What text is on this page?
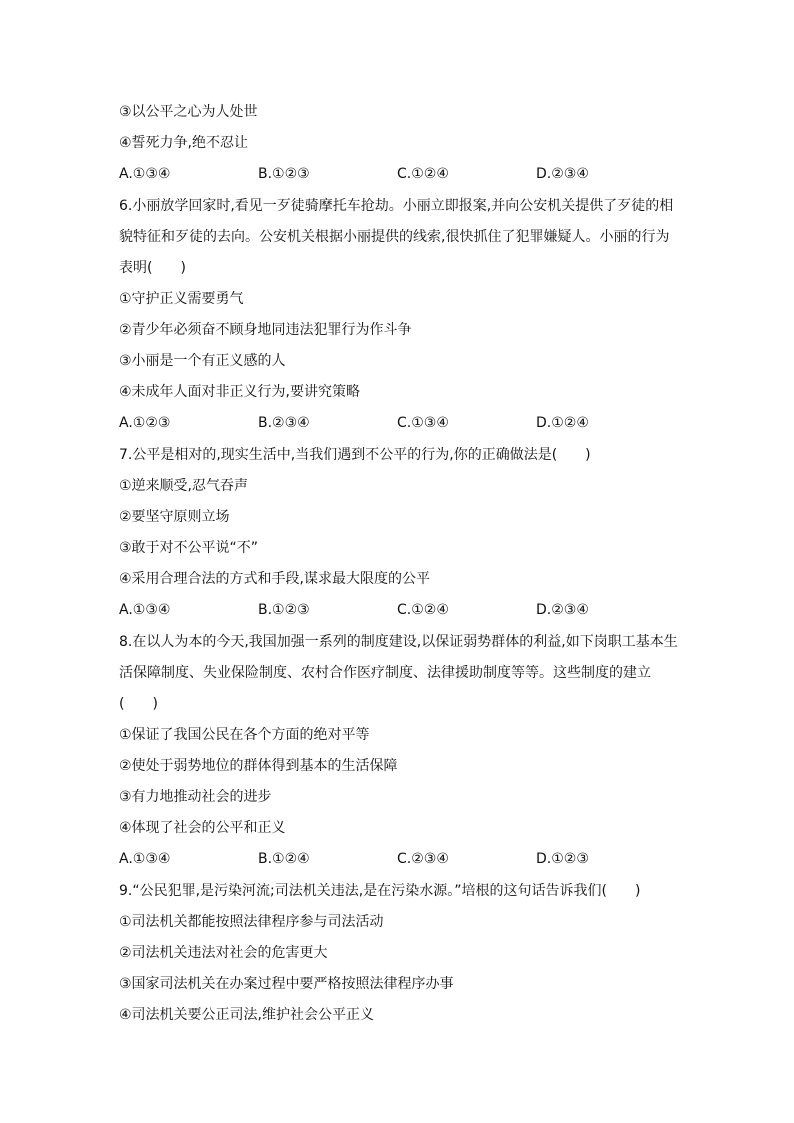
③以公平之心为人处世
④誓死力争,绝不忍让
A.①③④	B.①②③	C.①②④	D.②③④
6.小丽放学回家时,看见一歹徒骑摩托车抢劫。小丽立即报案,并向公安机关提供了歹徒的相
貌特征和歹徒的去向。公安机关根据小丽提供的线索,很快抓住了犯罪嫌疑人。小丽的行为
表明(　　)
①守护正义需要勇气
②青少年必须奋不顾身地同违法犯罪行为作斗争
③小丽是一个有正义感的人
④未成年人面对非正义行为,要讲究策略
A.①②③	B.②③④	C.①③④	D.①②④
7.公平是相对的,现实生活中,当我们遇到不公平的行为,你的正确做法是(　　)
①逆来顺受,忍气吞声
②要坚守原则立场
③敢于对不公平说“不”
④采用合理合法的方式和手段,谋求最大限度的公平
A.①③④	B.①②③	C.①②④	D.②③④
8.在以人为本的今天,我国加强一系列的制度建设,以保证弱势群体的利益,如下岗职工基本生
活保障制度、失业保险制度、农村合作医疗制度、法律援助制度等等。这些制度的建立
(　　)
①保证了我国公民在各个方面的绝对平等
②使处于弱势地位的群体得到基本的生活保障
③有力地推动社会的进步
④体现了社会的公平和正义
A.①③④	B.①②④	C.②③④	D.①②③
9.“公民犯罪,是污染河流;司法机关违法,是在污染水源。”培根的这句话告诉我们(　　)
①司法机关都能按照法律程序参与司法活动
②司法机关违法对社会的危害更大
③国家司法机关在办案过程中要严格按照法律程序办事
④司法机关要公正司法,维护社会公平正义
